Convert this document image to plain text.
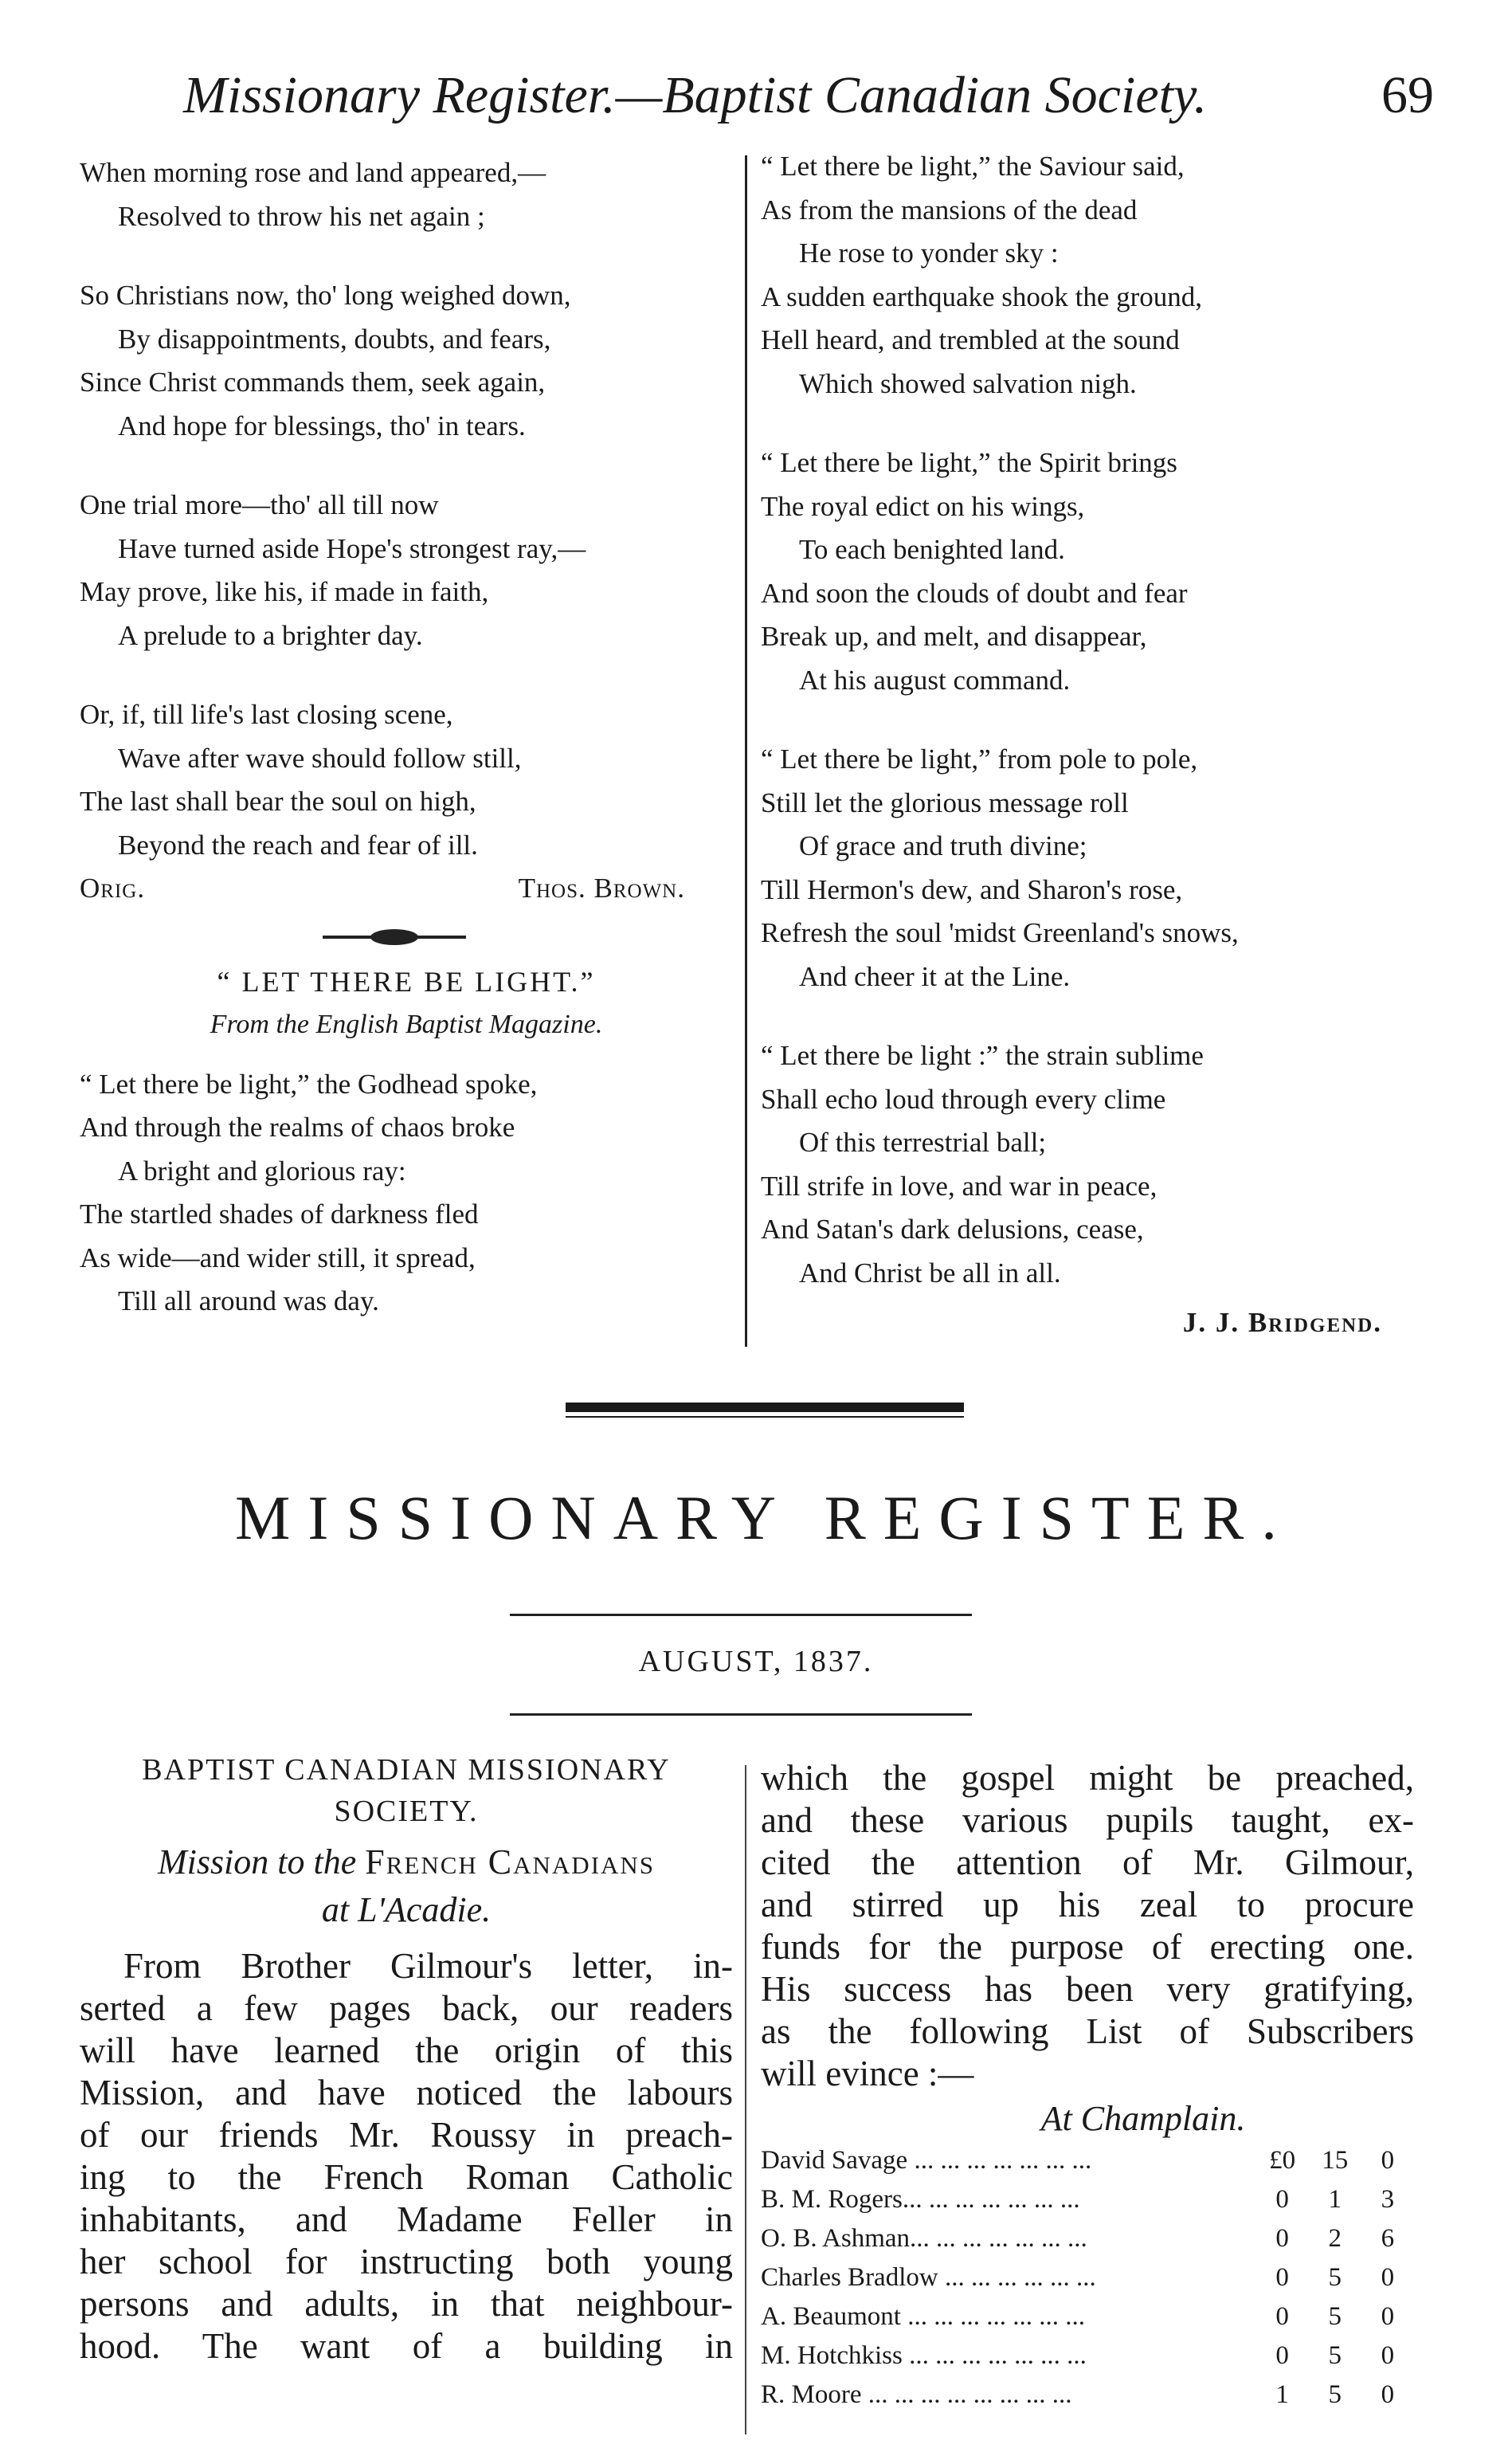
Missionary Register.—Baptist Canadian Society.	69
When morning rose and land appeared,—
Resolved to throw his net again ;
So Christians now, tho' long weighed down,
By disappointments, doubts, and fears,
Since Christ commands them, seek again,
And hope for blessings, tho' in tears.
One trial more—tho' all till now
Have turned aside Hope's strongest ray,—
May prove, like his, if made in faith,
A prelude to a brighter day.
Or, if, till life's last closing scene,
Wave after wave should follow still,
The last shall bear the soul on high,
Beyond the reach and fear of ill.
Orig.	Thos. Brown.
“ LET THERE BE LIGHT.”
From the English Baptist Magazine.
“ Let there be light,” the Godhead spoke,
And through the realms of chaos broke
A bright and glorious ray:
The startled shades of darkness fled
As wide—and wider still, it spread,
Till all around was day.
“ Let there be light,” the Saviour said,
As from the mansions of the dead
He rose to yonder sky :
A sudden earthquake shook the ground,
Hell heard, and trembled at the sound
Which showed salvation nigh.
“ Let there be light,” the Spirit brings
The royal edict on his wings,
To each benighted land.
And soon the clouds of doubt and fear
Break up, and melt, and disappear,
At his august command.
“ Let there be light,” from pole to pole,
Still let the glorious message roll
Of grace and truth divine;
Till Hermon's dew, and Sharon's rose,
Refresh the soul 'midst Greenland's snows,
And cheer it at the Line.
“ Let there be light :” the strain sublime
Shall echo loud through every clime
Of this terrestrial ball;
Till strife in love, and war in peace,
And Satan's dark delusions, cease,
And Christ be all in all.
J. J. Bridgend.
MISSIONARY REGISTER.
AUGUST, 1837.
BAPTIST CANADIAN MISSIONARY
SOCIETY.
Mission to the French Canadians
at L'Acadie.
From Brother Gilmour's letter, in-
serted a few pages back, our readers
will have learned the origin of this
Mission, and have noticed the labours
of our friends Mr. Roussy in preach-
ing to the French Roman Catholic
inhabitants, and Madame Feller in
her school for instructing both young
persons and adults, in that neighbour-
hood. The want of a building in
which the gospel might be preached,
and these various pupils taught, ex-
cited the attention of Mr. Gilmour,
and stirred up his zeal to procure
funds for the purpose of erecting one.
His success has been very gratifying,
as the following List of Subscribers
will evince :—
At Champlain.
David Savage ... ... ... ... ... ... ...	£0	15	0
B. M. Rogers... ... ... ... ... ... ...	0	1	3
O. B. Ashman... ... ... ... ... ... ...	0	2	6
Charles Bradlow ... ... ... ... ... ...	0	5	0
A. Beaumont ... ... ... ... ... ... ...	0	5	0
M. Hotchkiss ... ... ... ... ... ... ...	0	5	0
R. Moore ... ... ... ... ... ... ... ...	1	5	0
